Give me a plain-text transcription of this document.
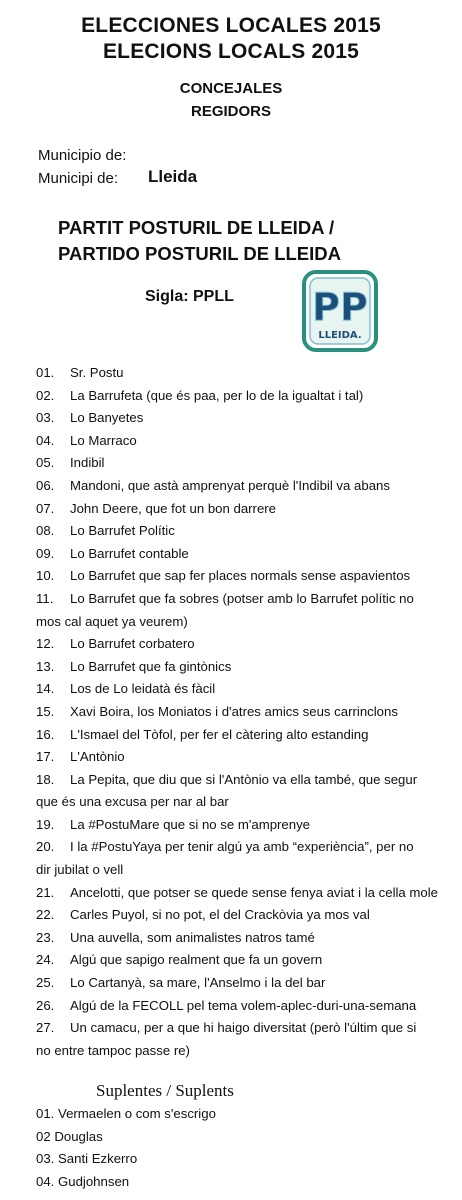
ELECCIONES LOCALES 2015
ELECIONS LOCALS 2015
CONCEJALES
REGIDORS
Municipio de:
Municipi de: Lleida
PARTIT POSTURIL DE LLEIDA /
PARTIDO POSTURIL DE LLEIDA
Sigla: PPLL PP
LLEIDA.
01.	Sr. Postu
02.	La Barrufeta (que és paa, per lo de la igualtat i tal)
03.	Lo Banyetes
04.	Lo Marraco
05.	Indibil
06.	Mandoni, que astà amprenyat perquè l'Indibil va abans
07.	John Deere, que fot un bon darrere
08.	Lo Barrufet Polític
09.	Lo Barrufet contable
10.	Lo Barrufet que sap fer places normals sense aspavientos
11.	Lo Barrufet que fa sobres (potser amb lo Barrufet polític no
mos cal aquet ya veurem)
12.	Lo Barrufet corbatero
13.	Lo Barrufet que fa gintònics
14.	Los de Lo leidatà és fàcil
15.	Xavi Boira, los Moniatos i d'atres amics seus carrinclons
16.	L'Ismael del Tòfol, per fer el càtering alto estanding
17.	L'Antònio
18.	La Pepita, que diu que si l'Antònio va ella també, que segur
que és una excusa per nar al bar
19.	La #PostuMare que si no se m'amprenye
20.	I la #PostuYaya per tenir algú ya amb “experiència”, per no
dir jubilat o vell
21.	Ancelotti, que potser se quede sense fenya aviat i la cella mole
22.	Carles Puyol, si no pot, el del Crackòvia ya mos val
23.	Una auvella, som animalistes natros tamé
24.	Algú que sapigo realment que fa un govern
25.	Lo Cartanyà, sa mare, l'Anselmo i la del bar
26.	Algú de la FECOLL pel tema volem-aplec-duri-una-semana
27.	Un camacu, per a que hi haigo diversitat (però l'últim que si
no entre tampoc passe re)
Suplentes / Suplents
01. Vermaelen o com s'escrigo
02 Douglas
03. Santi Ezkerro
04. Gudjohnsen
